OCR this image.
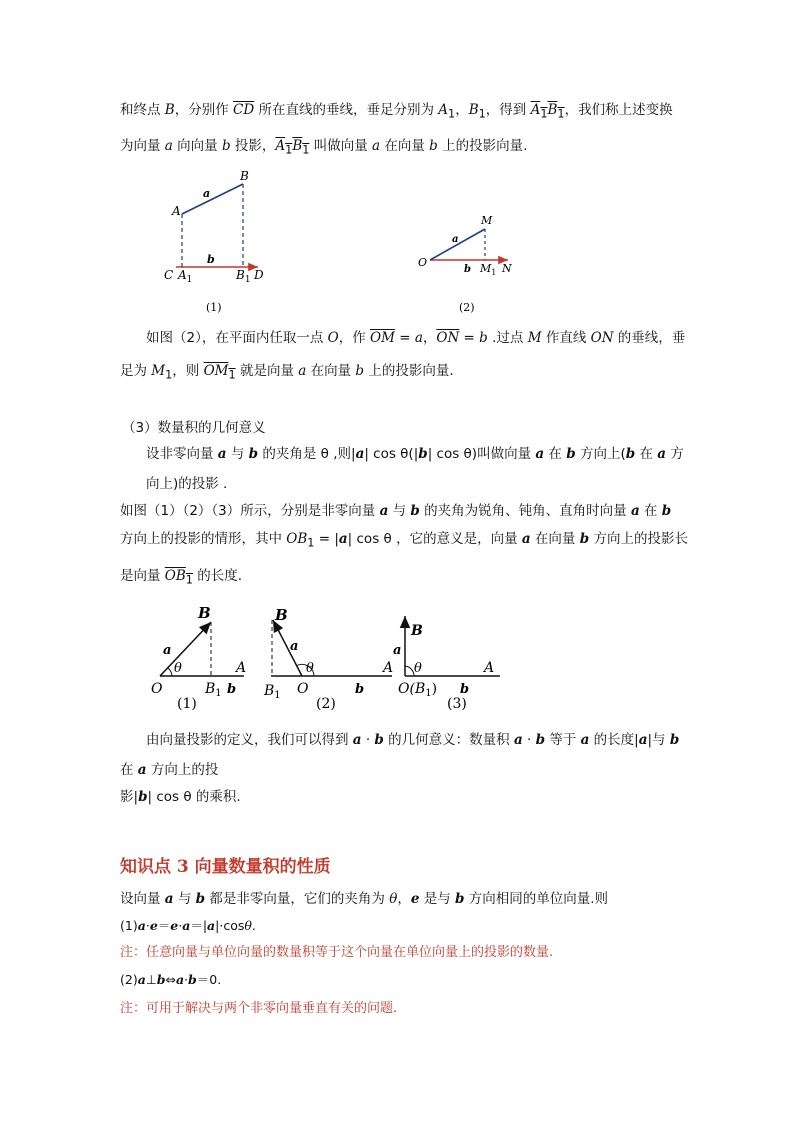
和终点 B，分别作 $\overline{CD}$ 所在直线的垂线，垂足分别为 $A_1$，$B_1$，得到 $A_1B_1$，我们称上述变换
为向量 a 向向量 b 投影，$A_1B_1$ 叫做向量 a 在向量 b 上的投影向量.
A
B
a
b
C $A_1$	$B_1$ D
(1)
O
M
a
b $M_1$ N
(2)
如图（2），在平面内任取一点 O，作 $\overline{OM} = a$，$\overline{ON} = b$ .过点 M 作直线 ON 的垂线，垂
足为 $M_1$，则 $OM_1$ 就是向量 a 在向量 b 上的投影向量.
（3）数量积的几何意义
设非零向量 a 与 b 的夹角是 θ ,则|a| cos θ(|b| cos θ)叫做向量 a 在 b 方向上(b 在 a 方
向上)的投影 .
如图（1）（2）（3）所示，分别是非零向量 a 与 b 的夹角为锐角、钝角、直角时向量 a 在 b
方向上的投影的情形，其中 $OB_1 = |a|$ cos θ ，它的意义是，向量 a 在向量 b 方向上的投影长
是向量 $OB_1$ 的长度.
B
a
θ	A
O	$B_1$ b
(1)
B
a
θ	A
$B_1$ O	b
(2)
B
a
θ	A
$O(B_1)$ b
(3)
由向量投影的定义，我们可以得到 a · b 的几何意义：数量积 a · b 等于 a 的长度|a|与 b
在 a 方向上的投
影|b| cos θ 的乘积.
知识点 3 向量数量积的性质
设向量 a 与 b 都是非零向量，它们的夹角为 θ，e 是与 b 方向相同的单位向量.则
(1)a·e＝e·a＝|a|·cosθ.
注：任意向量与单位向量的数量积等于这个向量在单位向量上的投影的数量.
(2)a⊥b⇔a·b＝0.
注：可用于解决与两个非零向量垂直有关的问题.
